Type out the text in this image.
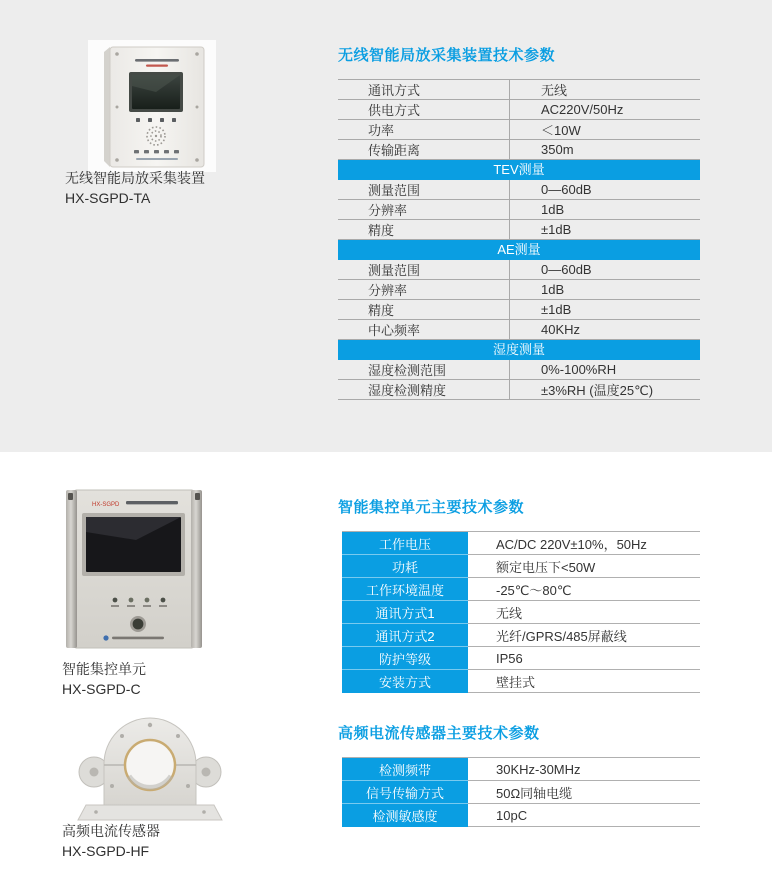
无线智能局放采集装置
HX-SGPD-TA
无线智能局放采集装置技术参数
通讯方式	无线
供电方式	AC220V/50Hz
功率	＜10W
传输距离	350m
TEV测量
测量范围	0—60dB
分辨率	1dB
精度	±1dB
AE测量
测量范围	0—60dB
分辨率	1dB
精度	±1dB
中心频率	40KHz
湿度测量
湿度检测范围	0%-100%RH
湿度检测精度	±3%RH (温度25℃)
HX-SGPD
智能集控单元
HX-SGPD-C
智能集控单元主要技术参数
工作电压	AC/DC 220V±10%，50Hz
功耗	额定电压下<50W
工作环境温度	-25℃～80℃
通讯方式1	无线
通讯方式2	光纤/GPRS/485屏蔽线
防护等级	IP56
安装方式	壁挂式
高频电流传感器
HX-SGPD-HF
高频电流传感器主要技术参数
检测频带	30KHz-30MHz
信号传输方式	50Ω同轴电缆
检测敏感度	10pC
